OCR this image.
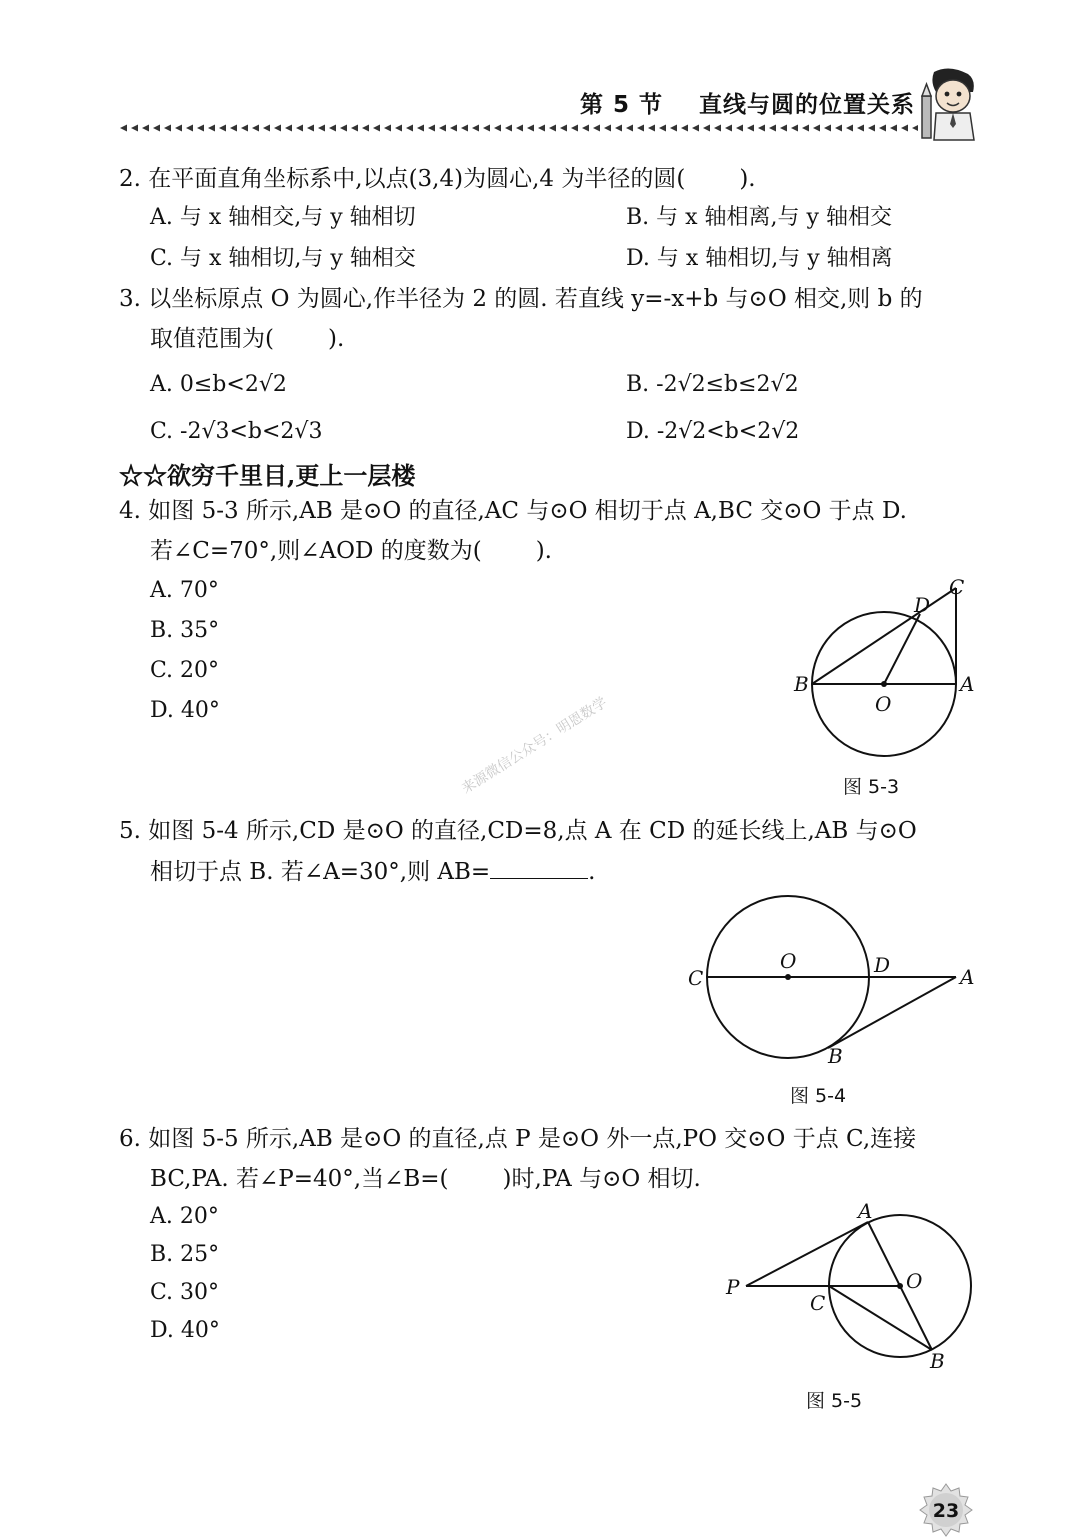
第 5 节 直线与圆的位置关系
2. 在平面直角坐标系中,以点(3,4)为圆心,4 为半径的圆( ).
A. 与 x 轴相交,与 y 轴相切	B. 与 x 轴相离,与 y 轴相交
C. 与 x 轴相切,与 y 轴相交	D. 与 x 轴相切,与 y 轴相离
3. 以坐标原点 O 为圆心,作半径为 2 的圆. 若直线 y=-x+b 与⊙O 相交,则 b 的
取值范围为( ).
A. 0≤b<2√2	B. -2√2≤b≤2√2
C. -2√3<b<2√3	D. -2√2<b<2√2
☆☆欲穷千里目,更上一层楼
4. 如图 5-3 所示,AB 是⊙O 的直径,AC 与⊙O 相切于点 A,BC 交⊙O 于点 D.
若∠C=70°,则∠AOD 的度数为( ).
A. 70°
B. 35°
C. 20°
D. 40°
B
O
A
C
D
图 5-3
来源微信公众号：明恩数学
5. 如图 5-4 所示,CD 是⊙O 的直径,CD=8,点 A 在 CD 的延长线上,AB 与⊙O
相切于点 B. 若∠A=30°,则 AB=	.
C
O	D	A
B
图 5-4
6. 如图 5-5 所示,AB 是⊙O 的直径,点 P 是⊙O 外一点,PO 交⊙O 于点 C,连接
BC,PA. 若∠P=40°,当∠B=( )时,PA 与⊙O 相切.
A. 20°
B. 25°
C. 30°
D. 40°
P
A
O
C
B
图 5-5
23
